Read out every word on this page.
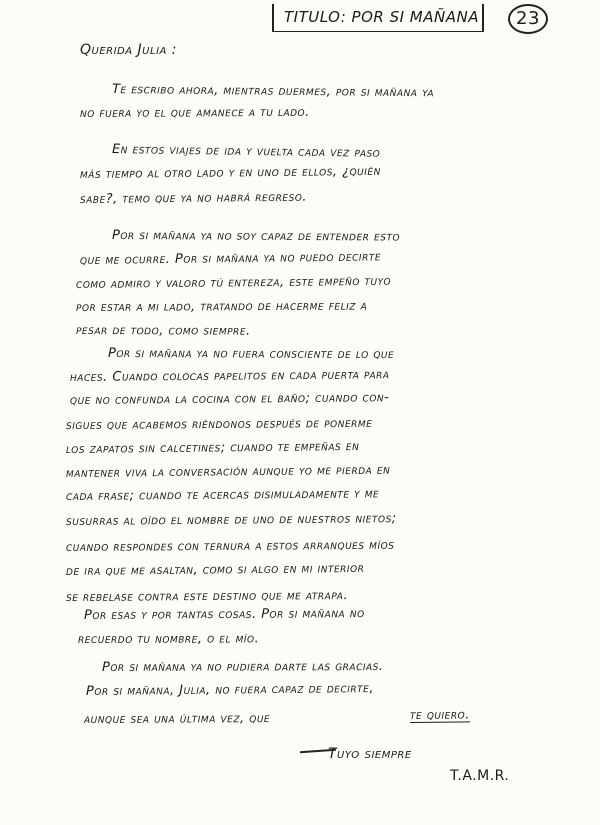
TITULO: POR SI MAÑANA	23
Querida Julia :
Te escribo ahora, mientras duermes, por si mañana ya
no fuera yo el que amanece a tu lado.
En estos viajes de ida y vuelta cada vez paso
más tiempo al otro lado y en uno de ellos, ¿quién
sabe?, temo que ya no habrá regreso.
Por si mañana ya no soy capaz de entender esto
que me ocurre. Por si mañana ya no puedo decirte
como admiro y valoro tú entereza, este empeño tuyo
por estar a mi lado, tratando de hacerme feliz a
pesar de todo, como siempre.
Por si mañana ya no fuera consciente de lo que
haces. Cuando colocas papelitos en cada puerta para
que no confunda la cocina con el baño; cuando con-
sigues que acabemos riéndonos después de ponerme
los zapatos sin calcetines; cuando te empeñas en
mantener viva la conversación aunque yo me pierda en
cada frase; cuando te acercas disimuladamente y me
susurras al oído el nombre de uno de nuestros nietos;
cuando respondes con ternura a estos arranques míos
de ira que me asaltan, como si algo en mi interior
se rebelase contra este destino que me atrapa.
Por esas y por tantas cosas. Por si mañana no
recuerdo tu nombre, o el mío.
Por si mañana ya no pudiera darte las gracias.
Por si mañana, Julia, no fuera capaz de decirte,
aunque sea una última vez, que	te quiero.
Tuyo siempre
T.A.M.R.
